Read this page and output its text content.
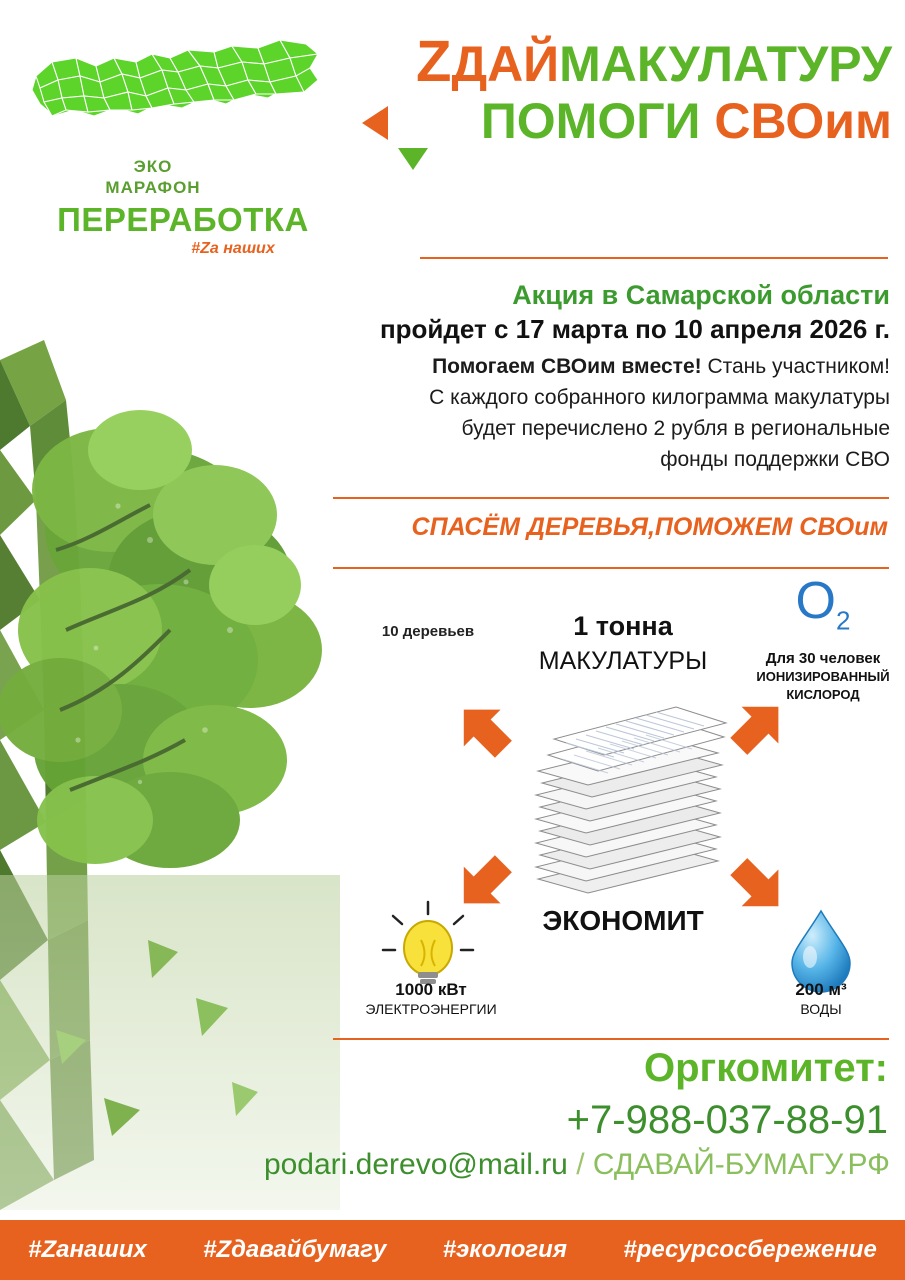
ЭКО
МАРАФОН
ПЕРЕРАБОТКА
#Za наших
ZДАЙМАКУЛАТУРУ
ПОМОГИ СВОим
Акция в Самарской области
пройдет с 17 марта по 10 апреля 2026 г.
Помогаем СВОим вместе! Стань участником!
С каждого собранного килограмма макулатуры
будет перечислено 2 рубля в региональные
фонды поддержки СВО
СПАСЁМ ДЕРЕВЬЯ,ПОМОЖЕМ СВОим
10 деревьев	1 тонна
МАКУЛАТУРЫ
$O_2$
Для 30 человек
ИОНИЗИРОВАННЫЙ
КИСЛОРОД
ЭКОНОМИТ
1000 кВт
ЭЛЕКТРОЭНЕРГИИ
200 м³
ВОДЫ
Оргкомитет:
+7-988-037-88-91
podari.derevo@mail.ru / СДАВАЙ-БУМАГУ.РФ
#Zaнаших #Zдавайбумагу #экология #ресурсосбережение
